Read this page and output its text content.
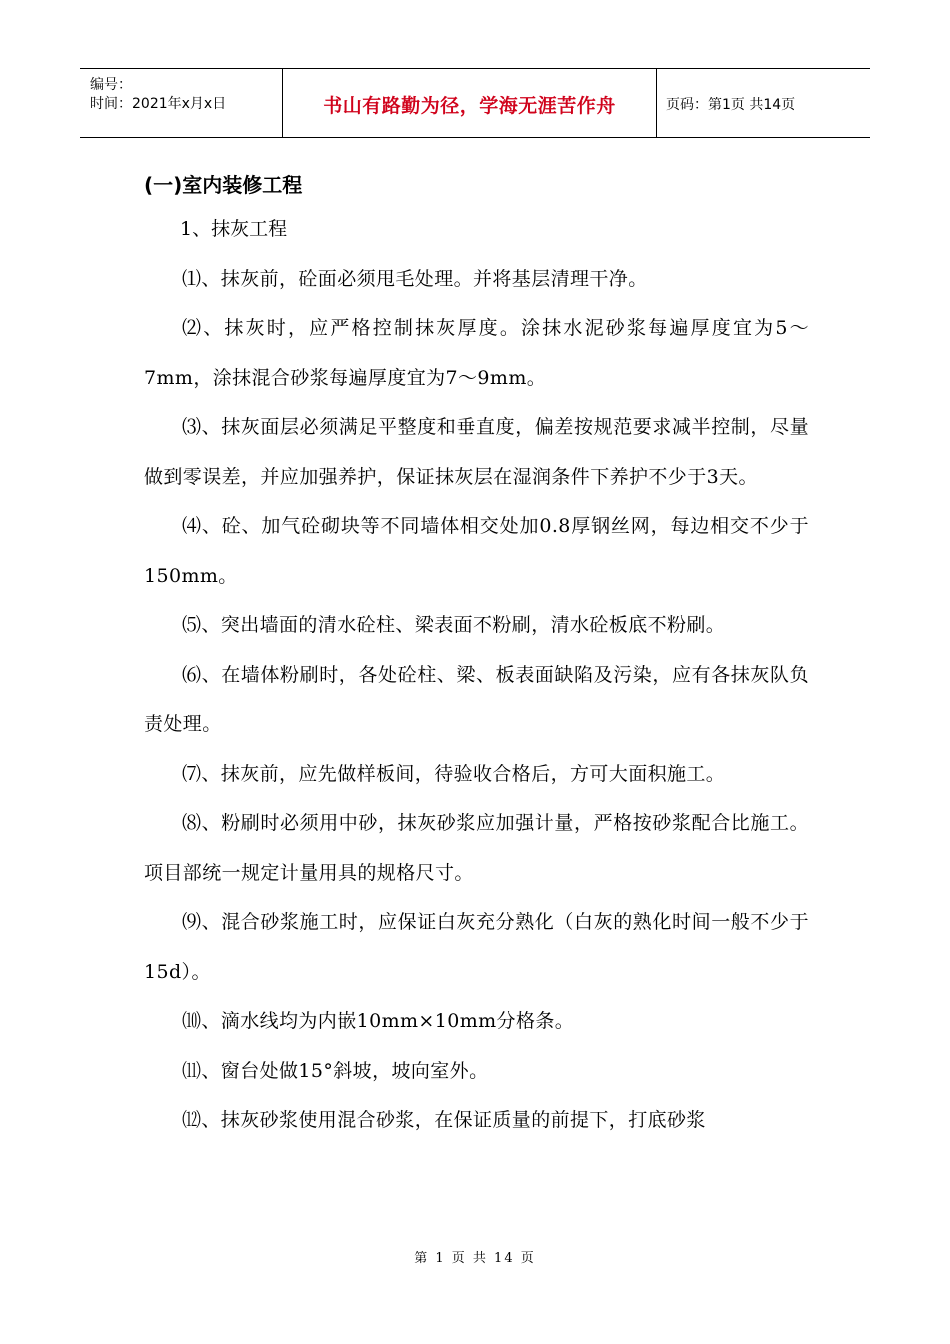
编号：
时间：2021年x月x日	书山有路勤为径，学海无涯苦作舟	页码：第1页 共14页

(一)室内装修工程

1、抹灰工程

⑴、抹灰前，砼面必须甩毛处理。并将基层清理干净。

⑵、抹灰时，应严格控制抹灰厚度。涂抹水泥砂浆每遍厚度宜为5～7mm，涂抹混合砂浆每遍厚度宜为7～9mm。

⑶、抹灰面层必须满足平整度和垂直度，偏差按规范要求减半控制，尽量做到零误差，并应加强养护，保证抹灰层在湿润条件下养护不少于3天。

⑷、砼、加气砼砌块等不同墙体相交处加0.8厚钢丝网，每边相交不少于150mm。

⑸、突出墙面的清水砼柱、梁表面不粉刷，清水砼板底不粉刷。

⑹、在墙体粉刷时，各处砼柱、梁、板表面缺陷及污染，应有各抹灰队负责处理。

⑺、抹灰前，应先做样板间，待验收合格后，方可大面积施工。

⑻、粉刷时必须用中砂，抹灰砂浆应加强计量，严格按砂浆配合比施工。项目部统一规定计量用具的规格尺寸。

⑼、混合砂浆施工时，应保证白灰充分熟化（白灰的熟化时间一般不少于15d）。

⑽、滴水线均为内嵌10mm×10mm分格条。

⑾、窗台处做15°斜坡，坡向室外。

⑿、抹灰砂浆使用混合砂浆，在保证质量的前提下，打底砂浆

第 1 页 共 14 页
